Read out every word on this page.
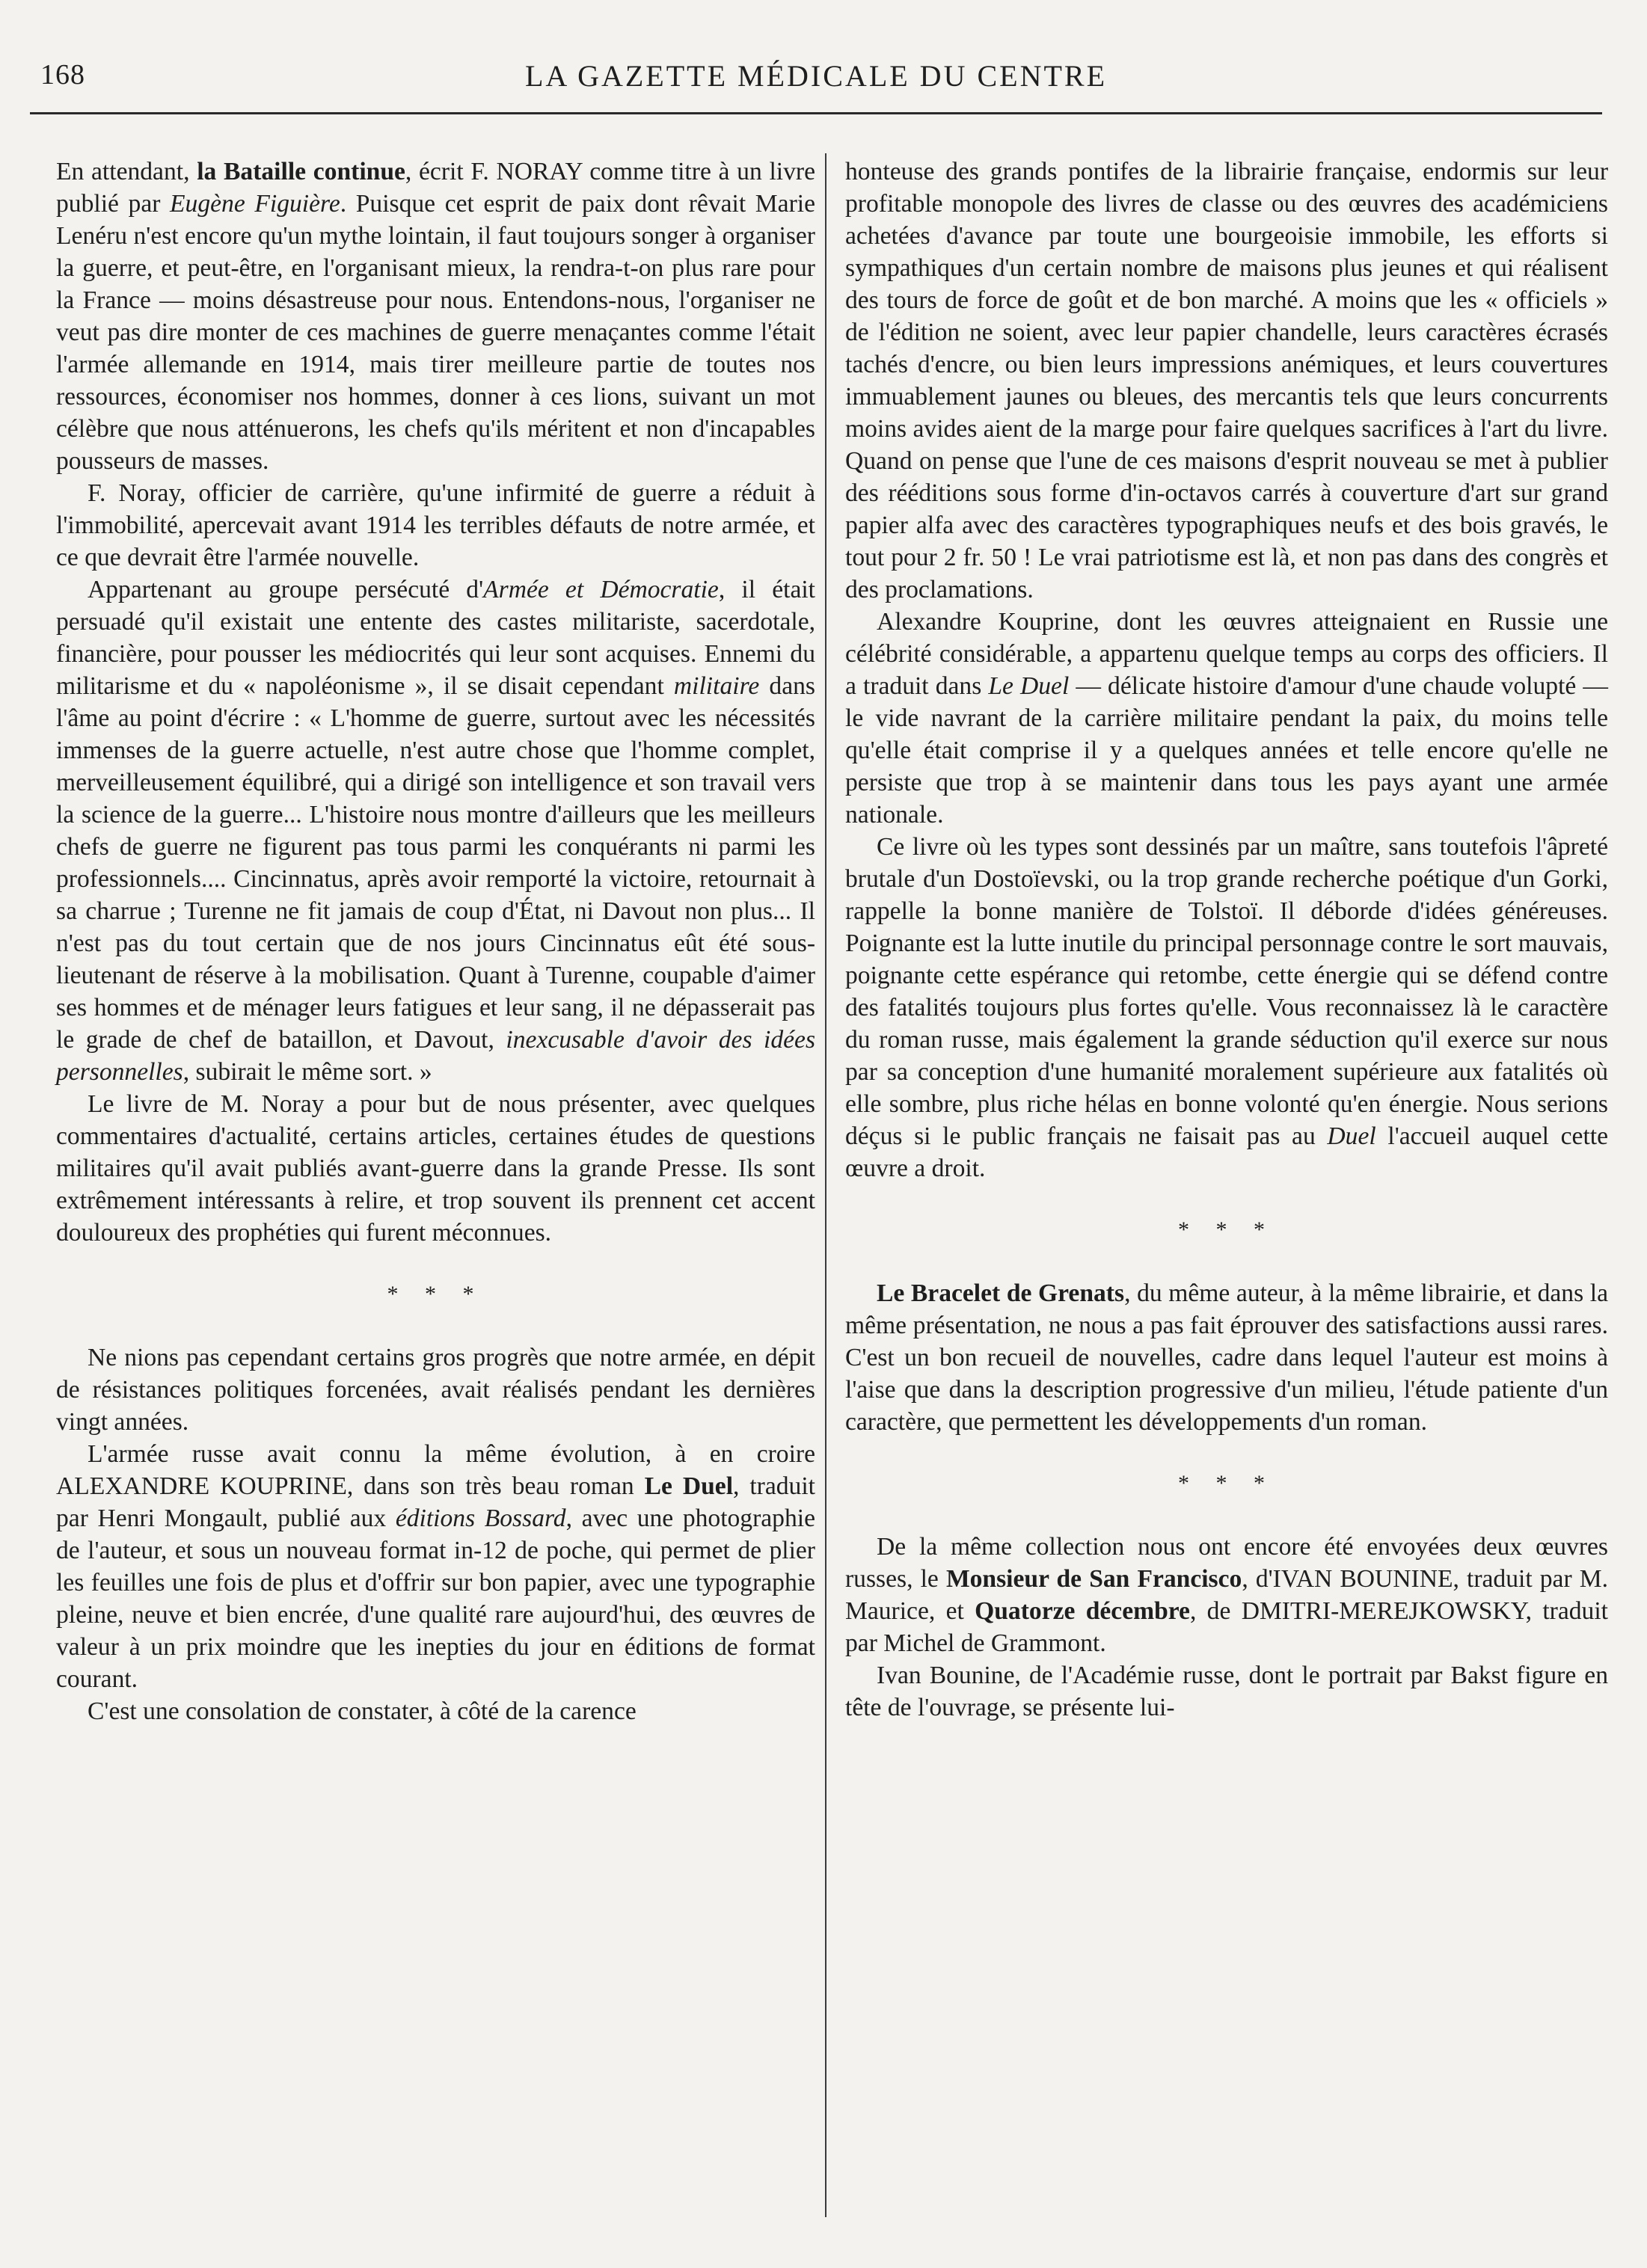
168	LA GAZETTE MÉDICALE DU CENTRE

En attendant, la Bataille continue, écrit F. NORAY comme titre à un livre publié par Eugène Figuière. Puisque cet esprit de paix dont rêvait Marie Lenéru n'est encore qu'un mythe lointain, il faut toujours songer à organiser la guerre, et peut-être, en l'organisant mieux, la rendra-t-on plus rare pour la France — moins désastreuse pour nous. Entendons-nous, l'organiser ne veut pas dire monter de ces machines de guerre menaçantes comme l'était l'armée allemande en 1914, mais tirer meilleure partie de toutes nos ressources, économiser nos hommes, donner à ces lions, suivant un mot célèbre que nous atténuerons, les chefs qu'ils méritent et non d'incapables pousseurs de masses.

F. Noray, officier de carrière, qu'une infirmité de guerre a réduit à l'immobilité, apercevait avant 1914 les terribles défauts de notre armée, et ce que devrait être l'armée nouvelle.

Appartenant au groupe persécuté d'Armée et Démocratie, il était persuadé qu'il existait une entente des castes militariste, sacerdotale, financière, pour pousser les médiocrités qui leur sont acquises. Ennemi du militarisme et du « napoléonisme », il se disait cependant militaire dans l'âme au point d'écrire : « L'homme de guerre, surtout avec les nécessités immenses de la guerre actuelle, n'est autre chose que l'homme complet, merveilleusement équilibré, qui a dirigé son intelligence et son travail vers la science de la guerre... L'histoire nous montre d'ailleurs que les meilleurs chefs de guerre ne figurent pas tous parmi les conquérants ni parmi les professionnels.... Cincinnatus, après avoir remporté la victoire, retournait à sa charrue ; Turenne ne fit jamais de coup d'État, ni Davout non plus... Il n'est pas du tout certain que de nos jours Cincinnatus eût été sous-lieutenant de réserve à la mobilisation. Quant à Turenne, coupable d'aimer ses hommes et de ménager leurs fatigues et leur sang, il ne dépasserait pas le grade de chef de bataillon, et Davout, inexcusable d'avoir des idées personnelles, subirait le même sort. »

Le livre de M. Noray a pour but de nous présenter, avec quelques commentaires d'actualité, certains articles, certaines études de questions militaires qu'il avait publiés avant-guerre dans la grande Presse. Ils sont extrêmement intéressants à relire, et trop souvent ils prennent cet accent douloureux des prophéties qui furent méconnues.

* * *

Ne nions pas cependant certains gros progrès que notre armée, en dépit de résistances politiques forcenées, avait réalisés pendant les dernières vingt années.

L'armée russe avait connu la même évolution, à en croire ALEXANDRE KOUPRINE, dans son très beau roman Le Duel, traduit par Henri Mongault, publié aux éditions Bossard, avec une photographie de l'auteur, et sous un nouveau format in-12 de poche, qui permet de plier les feuilles une fois de plus et d'offrir sur bon papier, avec une typographie pleine, neuve et bien encrée, d'une qualité rare aujourd'hui, des œuvres de valeur à un prix moindre que les inepties du jour en éditions de format courant.

C'est une consolation de constater, à côté de la carence

honteuse des grands pontifes de la librairie française, endormis sur leur profitable monopole des livres de classe ou des œuvres des académiciens achetées d'avance par toute une bourgeoisie immobile, les efforts si sympathiques d'un certain nombre de maisons plus jeunes et qui réalisent des tours de force de goût et de bon marché. A moins que les « officiels » de l'édition ne soient, avec leur papier chandelle, leurs caractères écrasés tachés d'encre, ou bien leurs impressions anémiques, et leurs couvertures immuablement jaunes ou bleues, des mercantis tels que leurs concurrents moins avides aient de la marge pour faire quelques sacrifices à l'art du livre. Quand on pense que l'une de ces maisons d'esprit nouveau se met à publier des rééditions sous forme d'in-octavos carrés à couverture d'art sur grand papier alfa avec des caractères typographiques neufs et des bois gravés, le tout pour 2 fr. 50 ! Le vrai patriotisme est là, et non pas dans des congrès et des proclamations.

Alexandre Kouprine, dont les œuvres atteignaient en Russie une célébrité considérable, a appartenu quelque temps au corps des officiers. Il a traduit dans Le Duel — délicate histoire d'amour d'une chaude volupté — le vide navrant de la carrière militaire pendant la paix, du moins telle qu'elle était comprise il y a quelques années et telle encore qu'elle ne persiste que trop à se maintenir dans tous les pays ayant une armée nationale.

Ce livre où les types sont dessinés par un maître, sans toutefois l'âpreté brutale d'un Dostoïevski, ou la trop grande recherche poétique d'un Gorki, rappelle la bonne manière de Tolstoï. Il déborde d'idées généreuses. Poignante est la lutte inutile du principal personnage contre le sort mauvais, poignante cette espérance qui retombe, cette énergie qui se défend contre des fatalités toujours plus fortes qu'elle. Vous reconnaissez là le caractère du roman russe, mais également la grande séduction qu'il exerce sur nous par sa conception d'une humanité moralement supérieure aux fatalités où elle sombre, plus riche hélas en bonne volonté qu'en énergie. Nous serions déçus si le public français ne faisait pas au Duel l'accueil auquel cette œuvre a droit.

* * *

Le Bracelet de Grenats, du même auteur, à la même librairie, et dans la même présentation, ne nous a pas fait éprouver des satisfactions aussi rares. C'est un bon recueil de nouvelles, cadre dans lequel l'auteur est moins à l'aise que dans la description progressive d'un milieu, l'étude patiente d'un caractère, que permettent les développements d'un roman.

* * *

De la même collection nous ont encore été envoyées deux œuvres russes, le Monsieur de San Francisco, d'IVAN BOUNINE, traduit par M. Maurice, et Quatorze décembre, de DMITRI-MEREJKOWSKY, traduit par Michel de Grammont.

Ivan Bounine, de l'Académie russe, dont le portrait par Bakst figure en tête de l'ouvrage, se présente lui-
